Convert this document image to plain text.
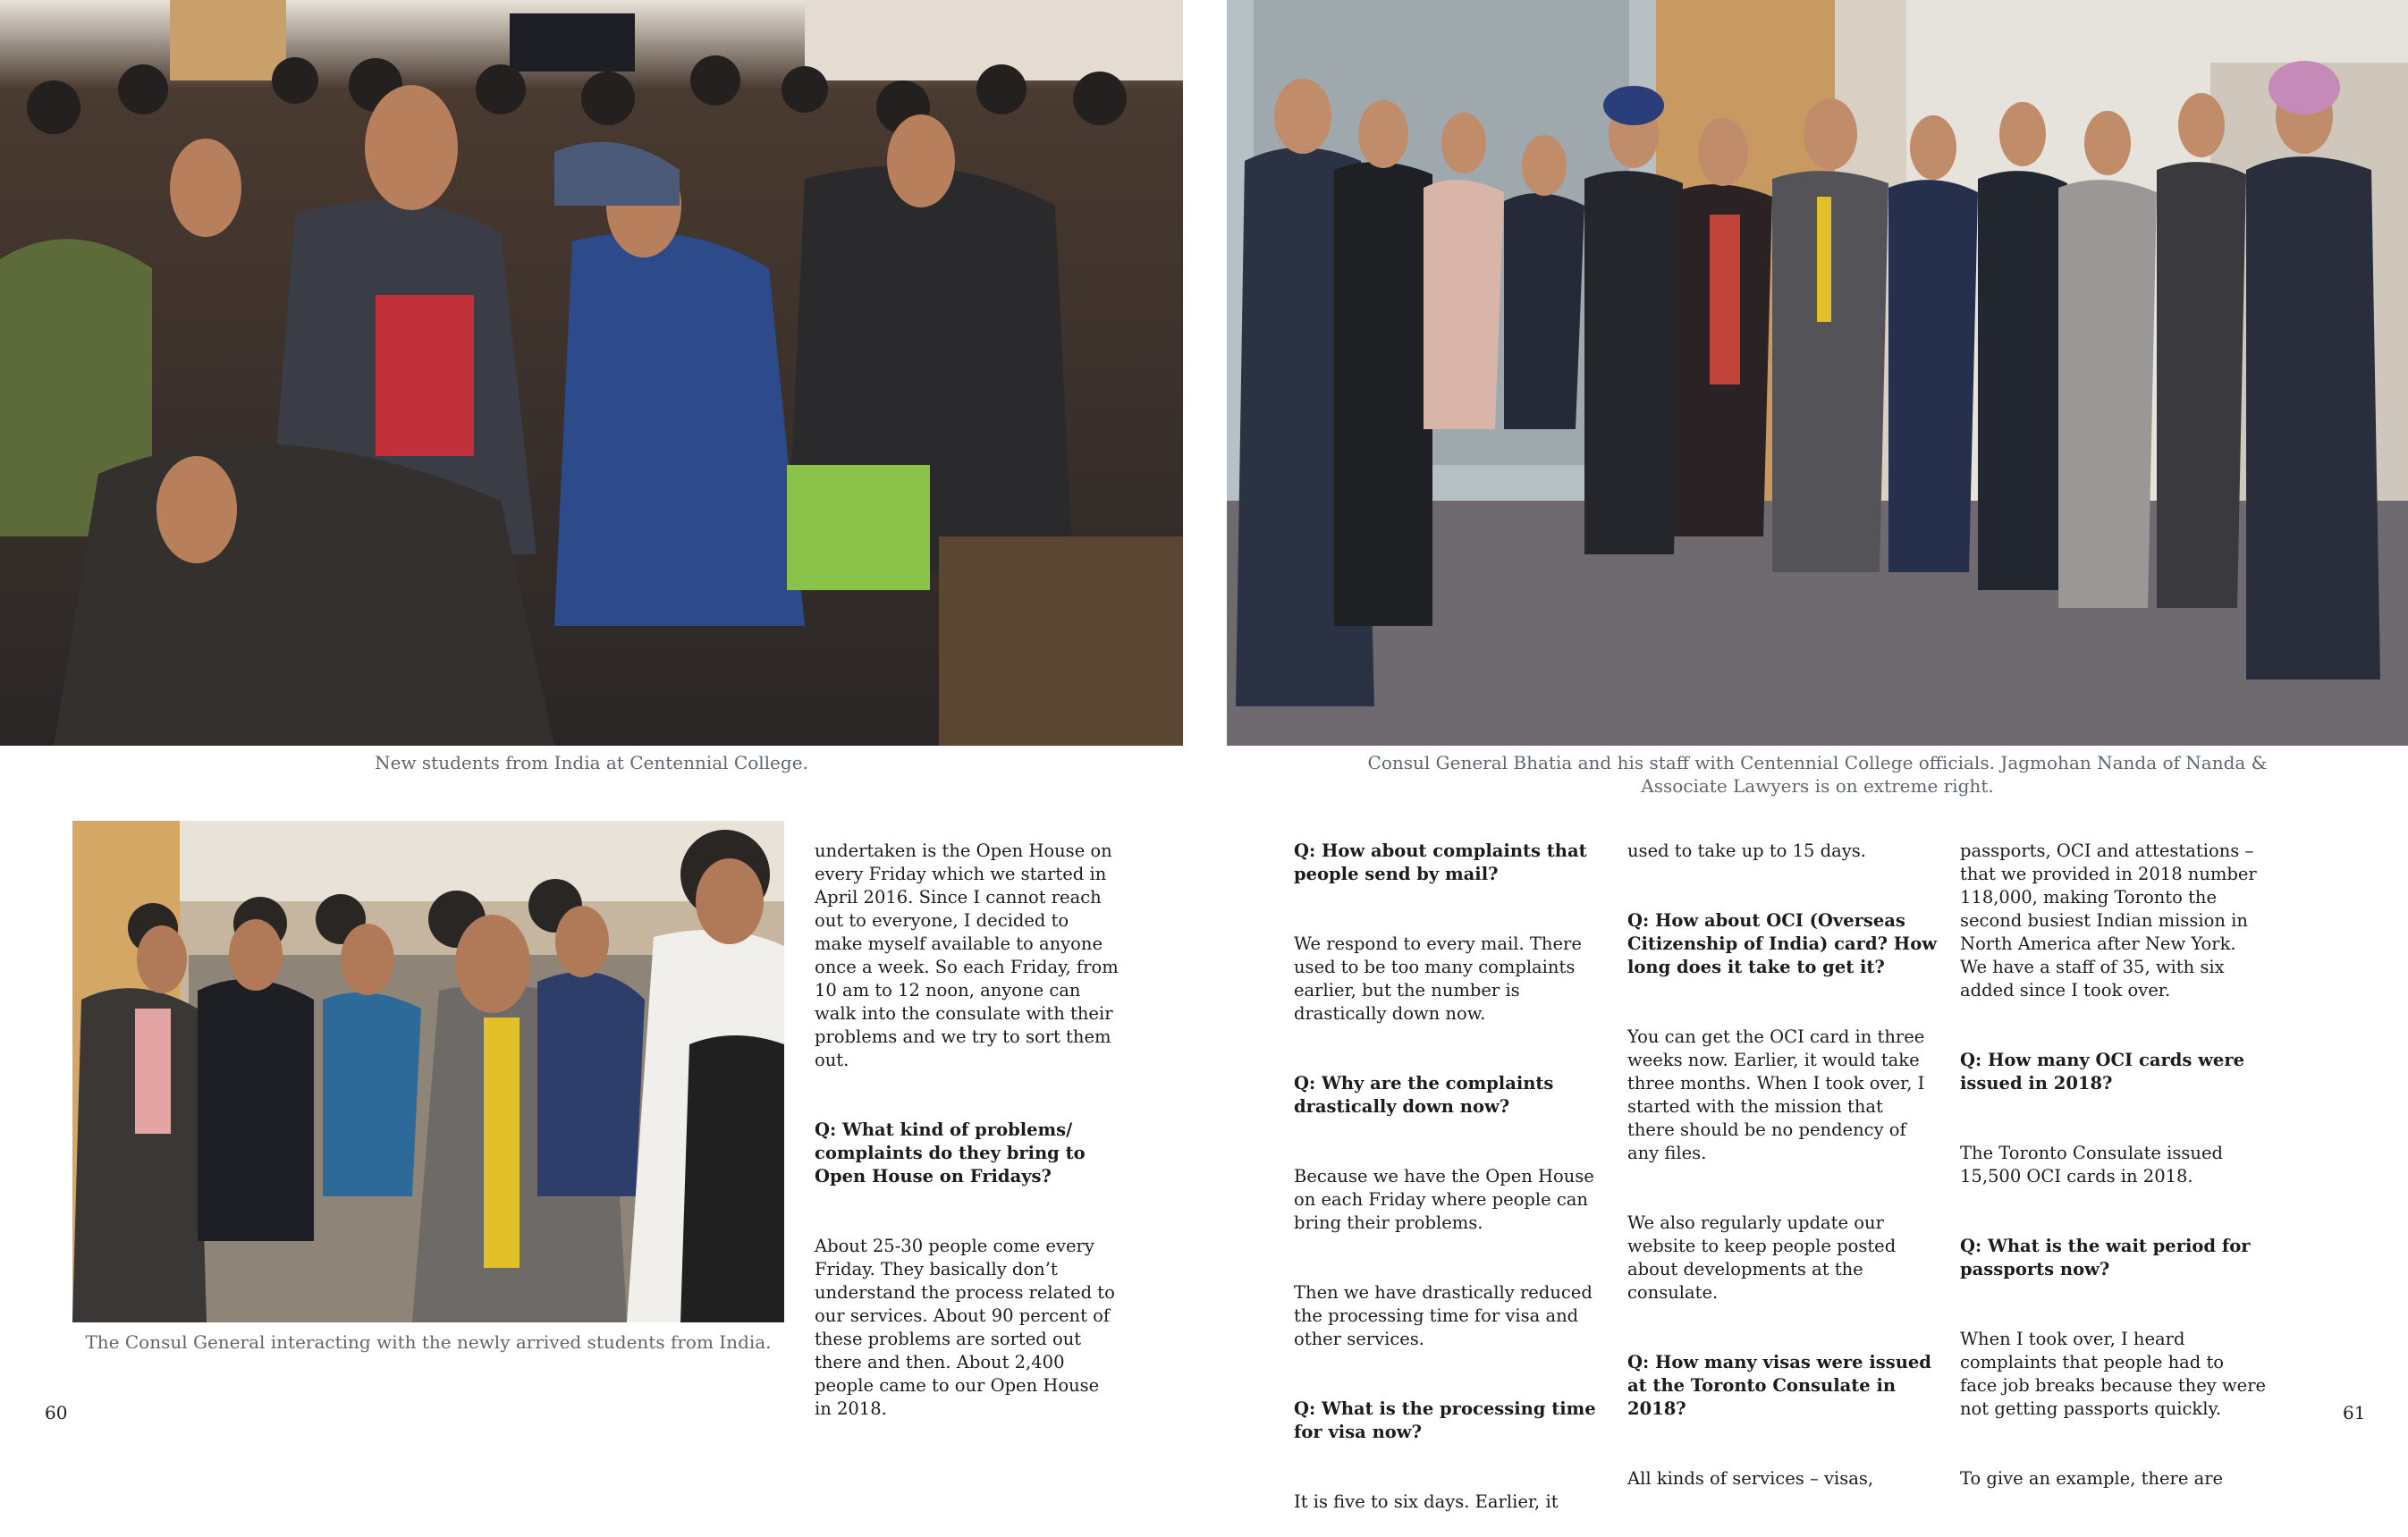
New students from India at Centennial College.
The Consul General interacting with the newly arrived students from India.

undertaken is the Open House on
every Friday which we started in
April 2016. Since I cannot reach
out to everyone, I decided to
make myself available to anyone
once a week. So each Friday, from
10 am to 12 noon, anyone can
walk into the consulate with their
problems and we try to sort them
out.

Q: What kind of problems/
complaints do they bring to
Open House on Fridays?

About 25-30 people come every
Friday. They basically don’t
understand the process related to
our services. About 90 percent of
these problems are sorted out
there and then. About 2,400
people came to our Open House
in 2018.

60
Consul General Bhatia and his staff with Centennial College officials. Jagmohan Nanda of Nanda &
Associate Lawyers is on extreme right.

Q: How about complaints that
people send by mail?

We respond to every mail. There
used to be too many complaints
earlier, but the number is
drastically down now.

Q: Why are the complaints
drastically down now?

Because we have the Open House
on each Friday where people can
bring their problems.

Then we have drastically reduced
the processing time for visa and
other services.

Q: What is the processing time
for visa now?

It is five to six days. Earlier, it

used to take up to 15 days.

Q: How about OCI (Overseas
Citizenship of India) card? How
long does it take to get it?

You can get the OCI card in three
weeks now. Earlier, it would take
three months. When I took over, I
started with the mission that
there should be no pendency of
any files.

We also regularly update our
website to keep people posted
about developments at the
consulate.

Q: How many visas were issued
at the Toronto Consulate in
2018?

All kinds of services – visas,

passports, OCI and attestations –
that we provided in 2018 number
118,000, making Toronto the
second busiest Indian mission in
North America after New York.
We have a staff of 35, with six
added since I took over.

Q: How many OCI cards were
issued in 2018?

The Toronto Consulate issued
15,500 OCI cards in 2018.

Q: What is the wait period for
passports now?

When I took over, I heard
complaints that people had to
face job breaks because they were
not getting passports quickly.

To give an example, there are

61
